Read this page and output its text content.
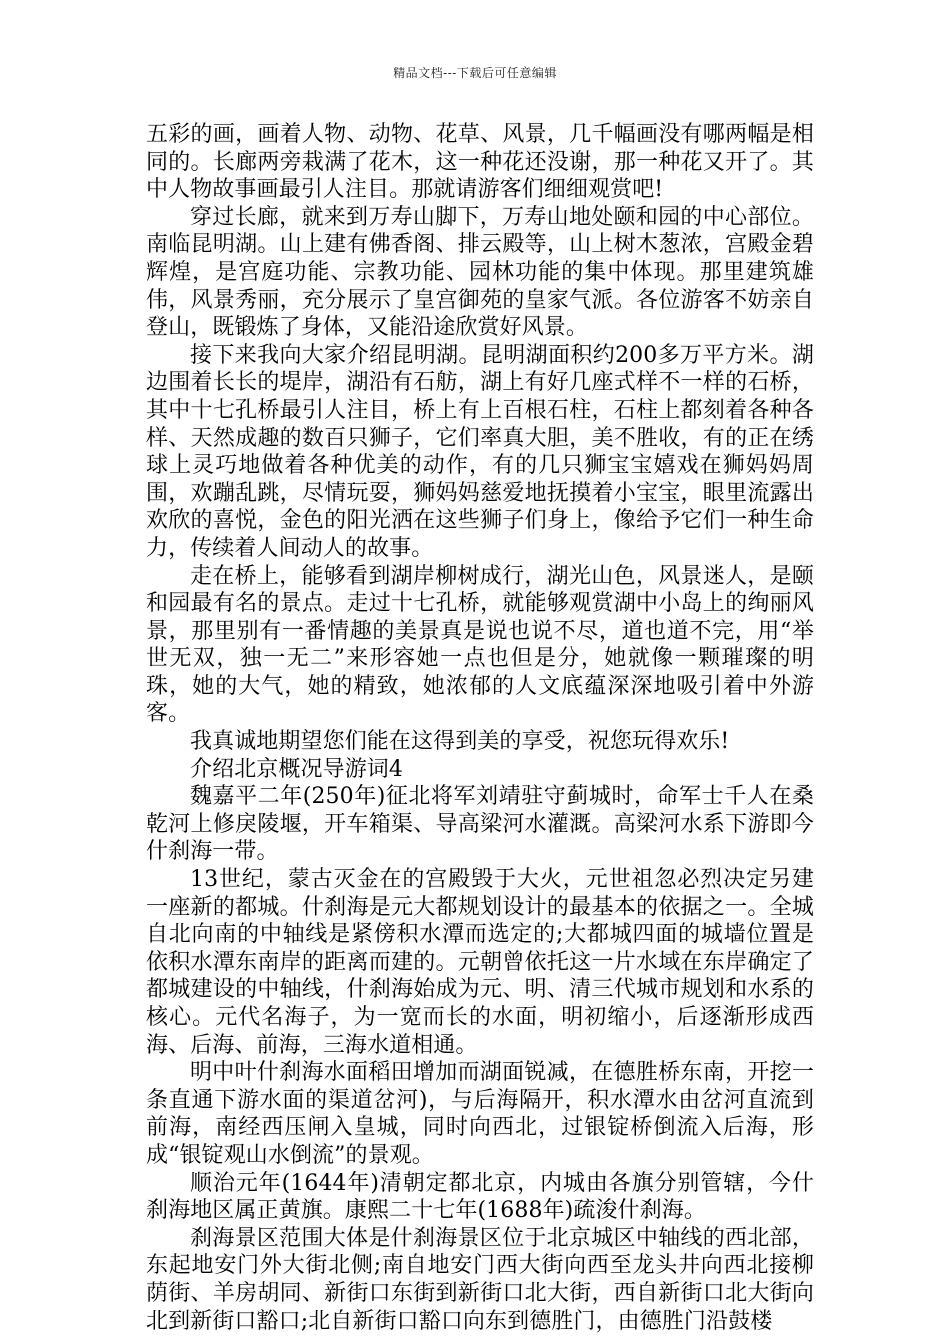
精品文档---下载后可任意编辑

五彩的画，画着人物、动物、花草、风景，几千幅画没有哪两幅是相同的。长廊两旁栽满了花木，这一种花还没谢，那一种花又开了。其中人物故事画最引人注目。那就请游客们细细观赏吧!

穿过长廊，就来到万寿山脚下，万寿山地处颐和园的中心部位。南临昆明湖。山上建有佛香阁、排云殿等，山上树木葱浓，宫殿金碧辉煌，是宫庭功能、宗教功能、园林功能的集中体现。那里建筑雄伟，风景秀丽，充分展示了皇宫御苑的皇家气派。各位游客不妨亲自登山，既锻炼了身体，又能沿途欣赏好风景。

接下来我向大家介绍昆明湖。昆明湖面积约200多万平方米。湖边围着长长的堤岸，湖沿有石舫，湖上有好几座式样不一样的石桥，其中十七孔桥最引人注目，桥上有上百根石柱，石柱上都刻着各种各样、天然成趣的数百只狮子，它们率真大胆，美不胜收，有的正在绣球上灵巧地做着各种优美的动作，有的几只狮宝宝嬉戏在狮妈妈周围，欢蹦乱跳，尽情玩耍，狮妈妈慈爱地抚摸着小宝宝，眼里流露出欢欣的喜悦，金色的阳光洒在这些狮子们身上，像给予它们一种生命力，传续着人间动人的故事。

走在桥上，能够看到湖岸柳树成行，湖光山色，风景迷人，是颐和园最有名的景点。走过十七孔桥，就能够观赏湖中小岛上的绚丽风景，那里别有一番情趣的美景真是说也说不尽，道也道不完，用“举世无双，独一无二”来形容她一点也但是分，她就像一颗璀璨的明珠，她的大气，她的精致，她浓郁的人文底蕴深深地吸引着中外游客。

我真诚地期望您们能在这得到美的享受，祝您玩得欢乐!

介绍北京概况导游词4

魏嘉平二年(250年)征北将军刘靖驻守蓟城时，命军士千人在桑乾河上修戾陵堰，开车箱渠、导高梁河水灌溉。高梁河水系下游即今什刹海一带。

13世纪，蒙古灭金在的宫殿毁于大火，元世祖忽必烈决定另建一座新的都城。什刹海是元大都规划设计的最基本的依据之一。全城自北向南的中轴线是紧傍积水潭而选定的;大都城四面的城墙位置是依积水潭东南岸的距离而建的。元朝曾依托这一片水域在东岸确定了都城建设的中轴线，什刹海始成为元、明、清三代城市规划和水系的核心。元代名海子，为一宽而长的水面，明初缩小，后逐渐形成西海、后海、前海，三海水道相通。

明中叶什刹海水面稻田增加而湖面锐减，在德胜桥东南，开挖一条直通下游水面的渠道岔河)，与后海隔开，积水潭水由岔河直流到前海，南经西压闸入皇城，同时向西北，过银锭桥倒流入后海，形成“银锭观山水倒流”的景观。

顺治元年(1644年)清朝定都北京，内城由各旗分别管辖，今什刹海地区属正黄旗。康熙二十七年(1688年)疏浚什刹海。

刹海景区范围大体是什刹海景区位于北京城区中轴线的西北部，东起地安门外大街北侧;南自地安门西大街向西至龙头井向西北接柳荫街、羊房胡同、新街口东街到新街口北大街，西自新街口北大街向北到新街口豁口;北自新街口豁口向东到德胜门，由德胜门沿鼓楼
